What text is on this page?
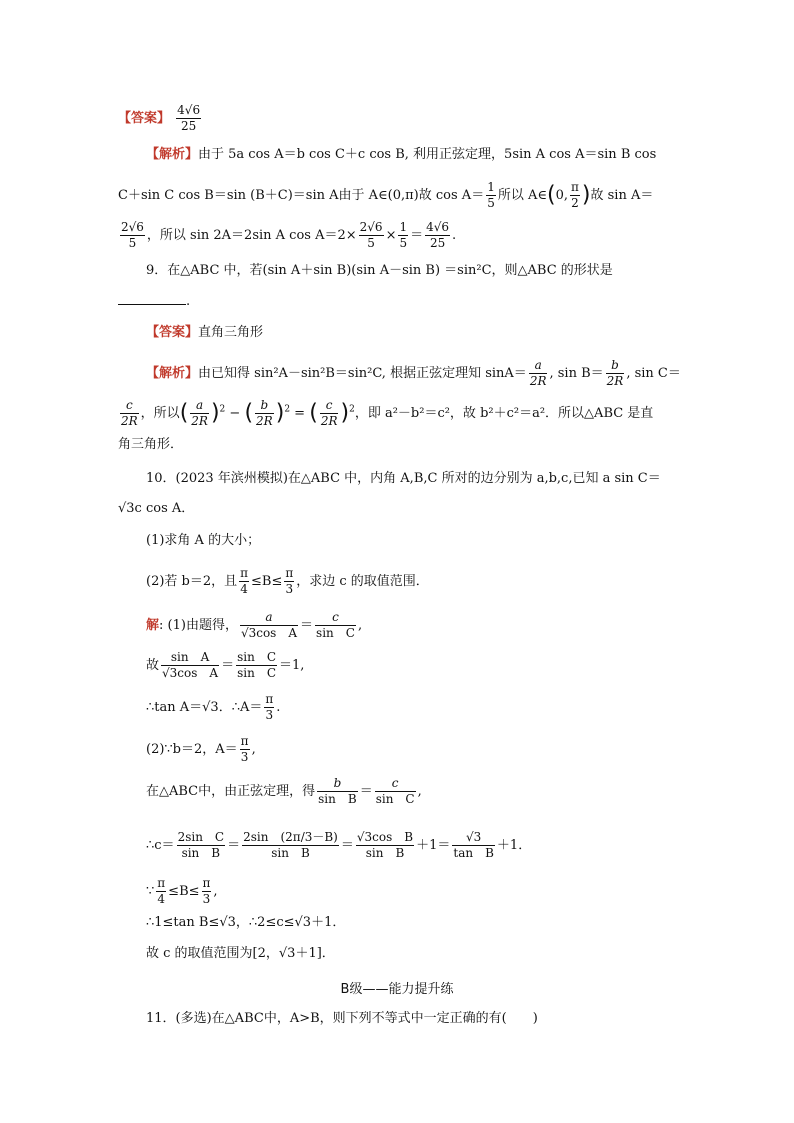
【答案】 $\frac{4√6}{25}$
【解析】由于 5a cos A＝b cos C＋c cos B, 利用正弦定理，5sin A cos A＝sin B cos
C＋sin C cos B＝sin (B＋C)＝sin A由于 A∈(0,π)故 $\cos A= \frac{1}{5}$ 所以 A∈(0, $\frac{\pi}{2}$ )故 sin A＝
$\frac{2√6}{5}$ ，所以 sin 2A＝2sin A $\cos A=2\times \frac{2√6}{5} \times \frac{1}{5} = \frac{4√6}{25}$ .
9．在△ABC 中，若(sin A＋sin B)(sin A－sin B) ＝sin²C，则△ABC 的形状是
.
【答案】直角三角形
【解析】由已知得 sin²A－sin²B＝sin²C, 根据正弦定理知 $\sin A= \frac{a}{2R}$ , $\sin B= \frac{b}{2R}$ , sin C＝
$\frac{c}{2R}$ ，所以( $\frac{a}{2R} )^2$ − ( $\frac{b}{2R} )^2$ = ( $\frac{c}{2R} )^2$，即 a²－b²＝c²，故 b²＋c²＝a²．所以△ABC 是直
角三角形．
10．(2023 年滨州模拟)在△ABC 中，内角 A,B,C 所对的边分别为 a,b,c,已知 a sin C＝
√3c cos A．
(1)求角 A 的大小；
(2)若 b＝2，且 $\frac{\pi}{4} \le B\le \frac{\pi}{3}$ ，求边 c 的取值范围．
解: (1)由题得， $\frac{a}{\text{√3cos　A}} = \frac{c}{\text{sin　C}}$ ,
故 $\frac{\text{sin　A}}{\text{√3cos　A}} = \frac{\text{sin　C}}{\text{sin　C}} =1$,
∴tan A＝√3．∴A＝ $\frac{\pi}{3}$ .
(2)∵b＝2，$A= \frac{\pi}{3}$ ,
在△ABC中，由正弦定理，得 $\frac{b}{\text{sin　B}} = \frac{c}{\text{sin　C}}$ ,
∴c＝ $\frac{\text{2sin　C}}{\text{sin　B}} = \frac{2\sin (2\pi/3-B)}{\text{sin　B}} = \frac{\text{√3cos　B}}{\text{sin　B}} +1= \frac{√3}{\text{tan　B}} +1$．
∵ $\frac{\pi}{4} \le B\le \frac{\pi}{3}$ ,
∴1≤tan B≤√3，∴2≤c≤√3＋1．
故 c 的取值范围为[2，√3＋1]．
B级——能力提升练
11．(多选)在△ABC中，A>B，则下列不等式中一定正确的有(　　)
